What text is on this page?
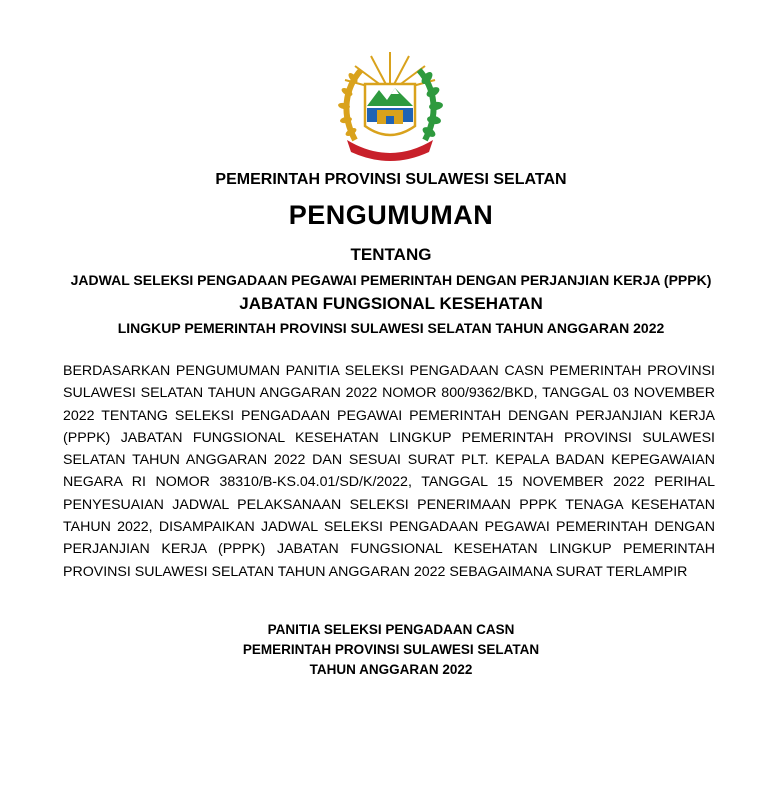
PEMERINTAH PROVINSI SULAWESI SELATAN
PENGUMUMAN
TENTANG
JADWAL SELEKSI PENGADAAN PEGAWAI PEMERINTAH DENGAN PERJANJIAN KERJA (PPPK)
JABATAN FUNGSIONAL KESEHATAN
LINGKUP PEMERINTAH PROVINSI SULAWESI SELATAN TAHUN ANGGARAN 2022
BERDASARKAN PENGUMUMAN PANITIA SELEKSI PENGADAAN CASN PEMERINTAH PROVINSI SULAWESI SELATAN TAHUN ANGGARAN 2022 NOMOR 800/9362/BKD, TANGGAL 03 NOVEMBER 2022 TENTANG SELEKSI PENGADAAN PEGAWAI PEMERINTAH DENGAN PERJANJIAN KERJA (PPPK) JABATAN FUNGSIONAL KESEHATAN LINGKUP PEMERINTAH PROVINSI SULAWESI SELATAN TAHUN ANGGARAN 2022 DAN SESUAI SURAT PLT. KEPALA BADAN KEPEGAWAIAN NEGARA RI NOMOR 38310/B-KS.04.01/SD/K/2022, TANGGAL 15 NOVEMBER 2022 PERIHAL PENYESUAIAN JADWAL PELAKSANAAN SELEKSI PENERIMAAN PPPK TENAGA KESEHATAN TAHUN 2022, DISAMPAIKAN JADWAL SELEKSI PENGADAAN PEGAWAI PEMERINTAH DENGAN PERJANJIAN KERJA (PPPK) JABATAN FUNGSIONAL KESEHATAN LINGKUP PEMERINTAH PROVINSI SULAWESI SELATAN TAHUN ANGGARAN 2022 SEBAGAIMANA SURAT TERLAMPIR
PANITIA SELEKSI PENGADAAN CASN
PEMERINTAH PROVINSI SULAWESI SELATAN
TAHUN ANGGARAN 2022
